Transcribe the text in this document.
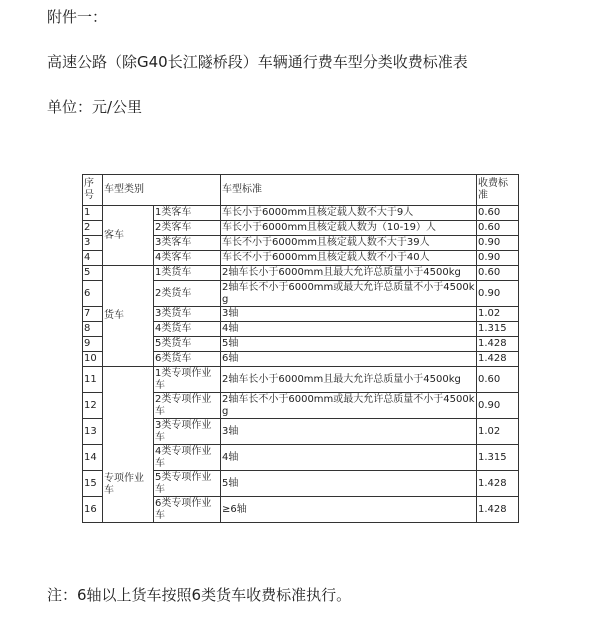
附件一：
高速公路（除G40长江隧桥段）车辆通行费车型分类收费标准表
单位：元/公里
序号	车型类别		车型标准	收费标准
1	客车	1类客车	车长小于6000mm且核定载人数不大于9人	0.60
2		2类客车	车长小于6000mm且核定载人数为（10-19）人	0.60
3		3类客车	车长不小于6000mm且核定载人数不大于39人	0.90
4		4类客车	车长不小于6000mm且核定载人数不小于40人	0.90
5	货车	1类货车	2轴车长小于6000mm且最大允许总质量小于4500kg	0.60
6		2类货车	2轴车长不小于6000mm或最大允许总质量不小于4500kg	0.90
7		3类货车	3轴	1.02
8		4类货车	4轴	1.315
9		5类货车	5轴	1.428
10		6类货车	6轴	1.428
11	专项作业车	1类专项作业车	2轴车长小于6000mm且最大允许总质量小于4500kg	0.60
12		2类专项作业车	2轴车长不小于6000mm或最大允许总质量不小于4500kg	0.90
13		3类专项作业车	3轴	1.02
14		4类专项作业车	4轴	1.315
15		5类专项作业车	5轴	1.428
16		6类专项作业车	≥6轴	1.428
注：6轴以上货车按照6类货车收费标准执行。
